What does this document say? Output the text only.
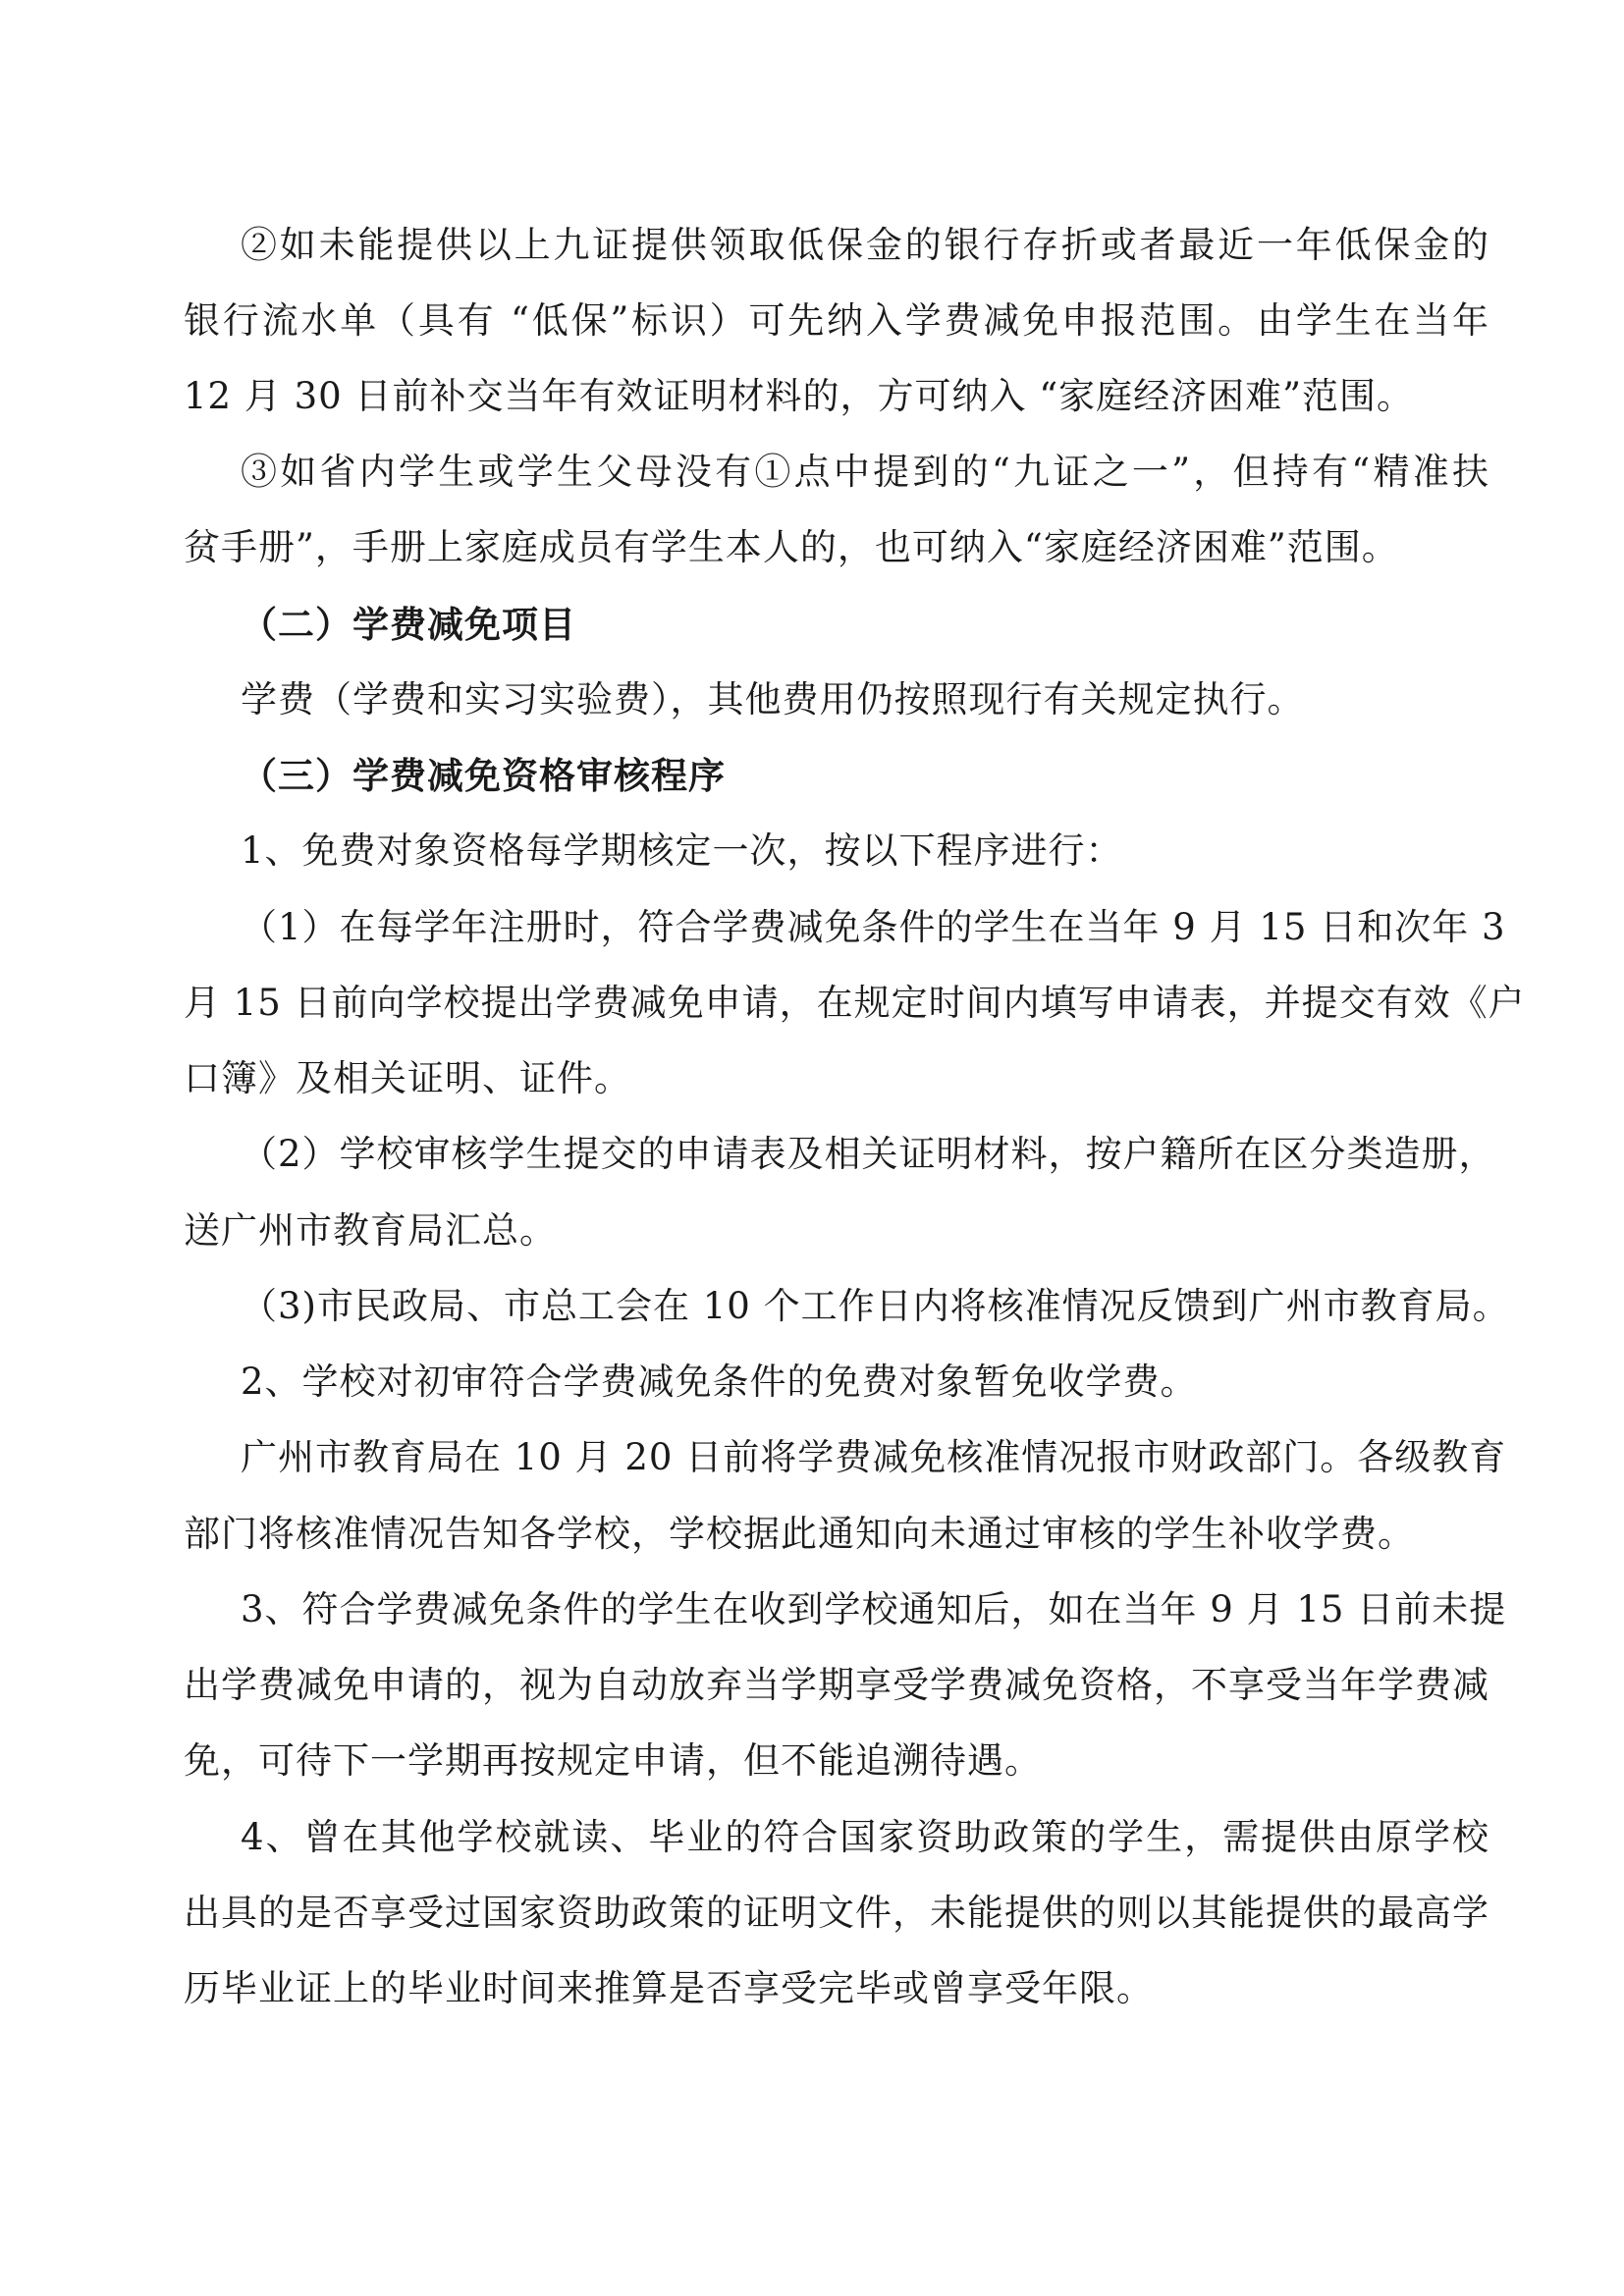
②如未能提供以上九证提供领取低保金的银行存折或者最近一年低保金的
银行流水单（具有 “低保”标识）可先纳入学费减免申报范围。由学生在当年
12 月 30 日前补交当年有效证明材料的，方可纳入 “家庭经济困难”范围。
③如省内学生或学生父母没有①点中提到的“九证之一”，但持有“精准扶
贫手册”，手册上家庭成员有学生本人的，也可纳入“家庭经济困难”范围。
（二）学费减免项目
学费（学费和实习实验费），其他费用仍按照现行有关规定执行。
（三）学费减免资格审核程序
1、免费对象资格每学期核定一次，按以下程序进行：
（1）在每学年注册时，符合学费减免条件的学生在当年 9 月 15 日和次年 3
月 15 日前向学校提出学费减免申请，在规定时间内填写申请表，并提交有效《户
口簿》及相关证明、证件。
（2）学校审核学生提交的申请表及相关证明材料，按户籍所在区分类造册，
送广州市教育局汇总。
（3)市民政局、市总工会在 10 个工作日内将核准情况反馈到广州市教育局。
2、学校对初审符合学费减免条件的免费对象暂免收学费。
广州市教育局在 10 月 20 日前将学费减免核准情况报市财政部门。各级教育
部门将核准情况告知各学校，学校据此通知向未通过审核的学生补收学费。
3、符合学费减免条件的学生在收到学校通知后，如在当年 9 月 15 日前未提
出学费减免申请的，视为自动放弃当学期享受学费减免资格，不享受当年学费减
免，可待下一学期再按规定申请，但不能追溯待遇。
4、曾在其他学校就读、毕业的符合国家资助政策的学生，需提供由原学校
出具的是否享受过国家资助政策的证明文件，未能提供的则以其能提供的最高学
历毕业证上的毕业时间来推算是否享受完毕或曾享受年限。
